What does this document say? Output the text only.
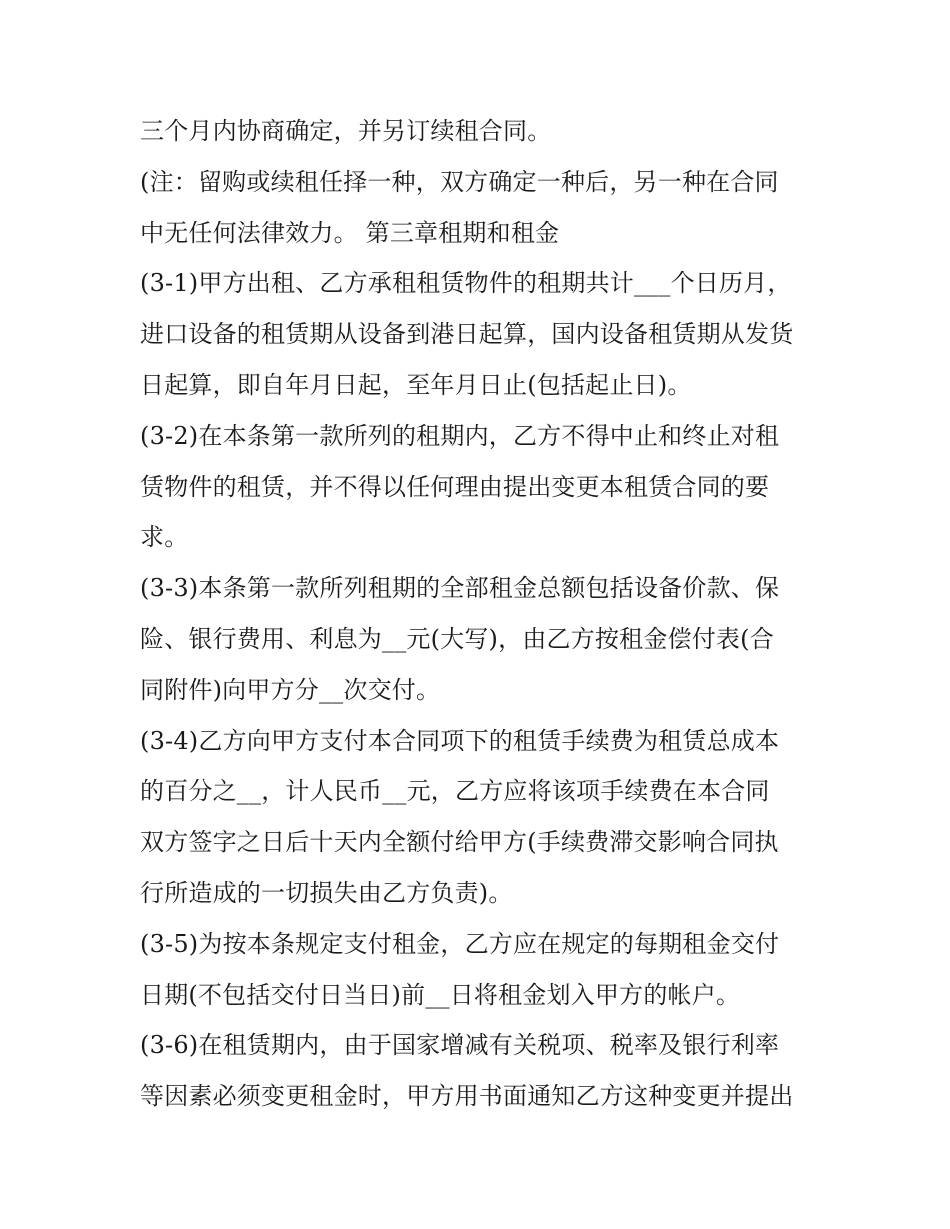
三个月内协商确定，并另订续租合同。
(注：留购或续租任择一种，双方确定一种后，另一种在合同
中无任何法律效力。 第三章租期和租金
(3-1)甲方出租、乙方承租租赁物件的租期共计___个日历月，
进口设备的租赁期从设备到港日起算，国内设备租赁期从发货
日起算，即自年月日起，至年月日止(包括起止日)。
(3-2)在本条第一款所列的租期内，乙方不得中止和终止对租
赁物件的租赁，并不得以任何理由提出变更本租赁合同的要
求。
(3-3)本条第一款所列租期的全部租金总额包括设备价款、保
险、银行费用、利息为__元(大写)，由乙方按租金偿付表(合
同附件)向甲方分__次交付。
(3-4)乙方向甲方支付本合同项下的租赁手续费为租赁总成本
的百分之__，计人民币__元，乙方应将该项手续费在本合同
双方签字之日后十天内全额付给甲方(手续费滞交影响合同执
行所造成的一切损失由乙方负责)。
(3-5)为按本条规定支付租金，乙方应在规定的每期租金交付
日期(不包括交付日当日)前__日将租金划入甲方的帐户。
(3-6)在租赁期内，由于国家增减有关税项、税率及银行利率
等因素必须变更租金时，甲方用书面通知乙方这种变更并提出
